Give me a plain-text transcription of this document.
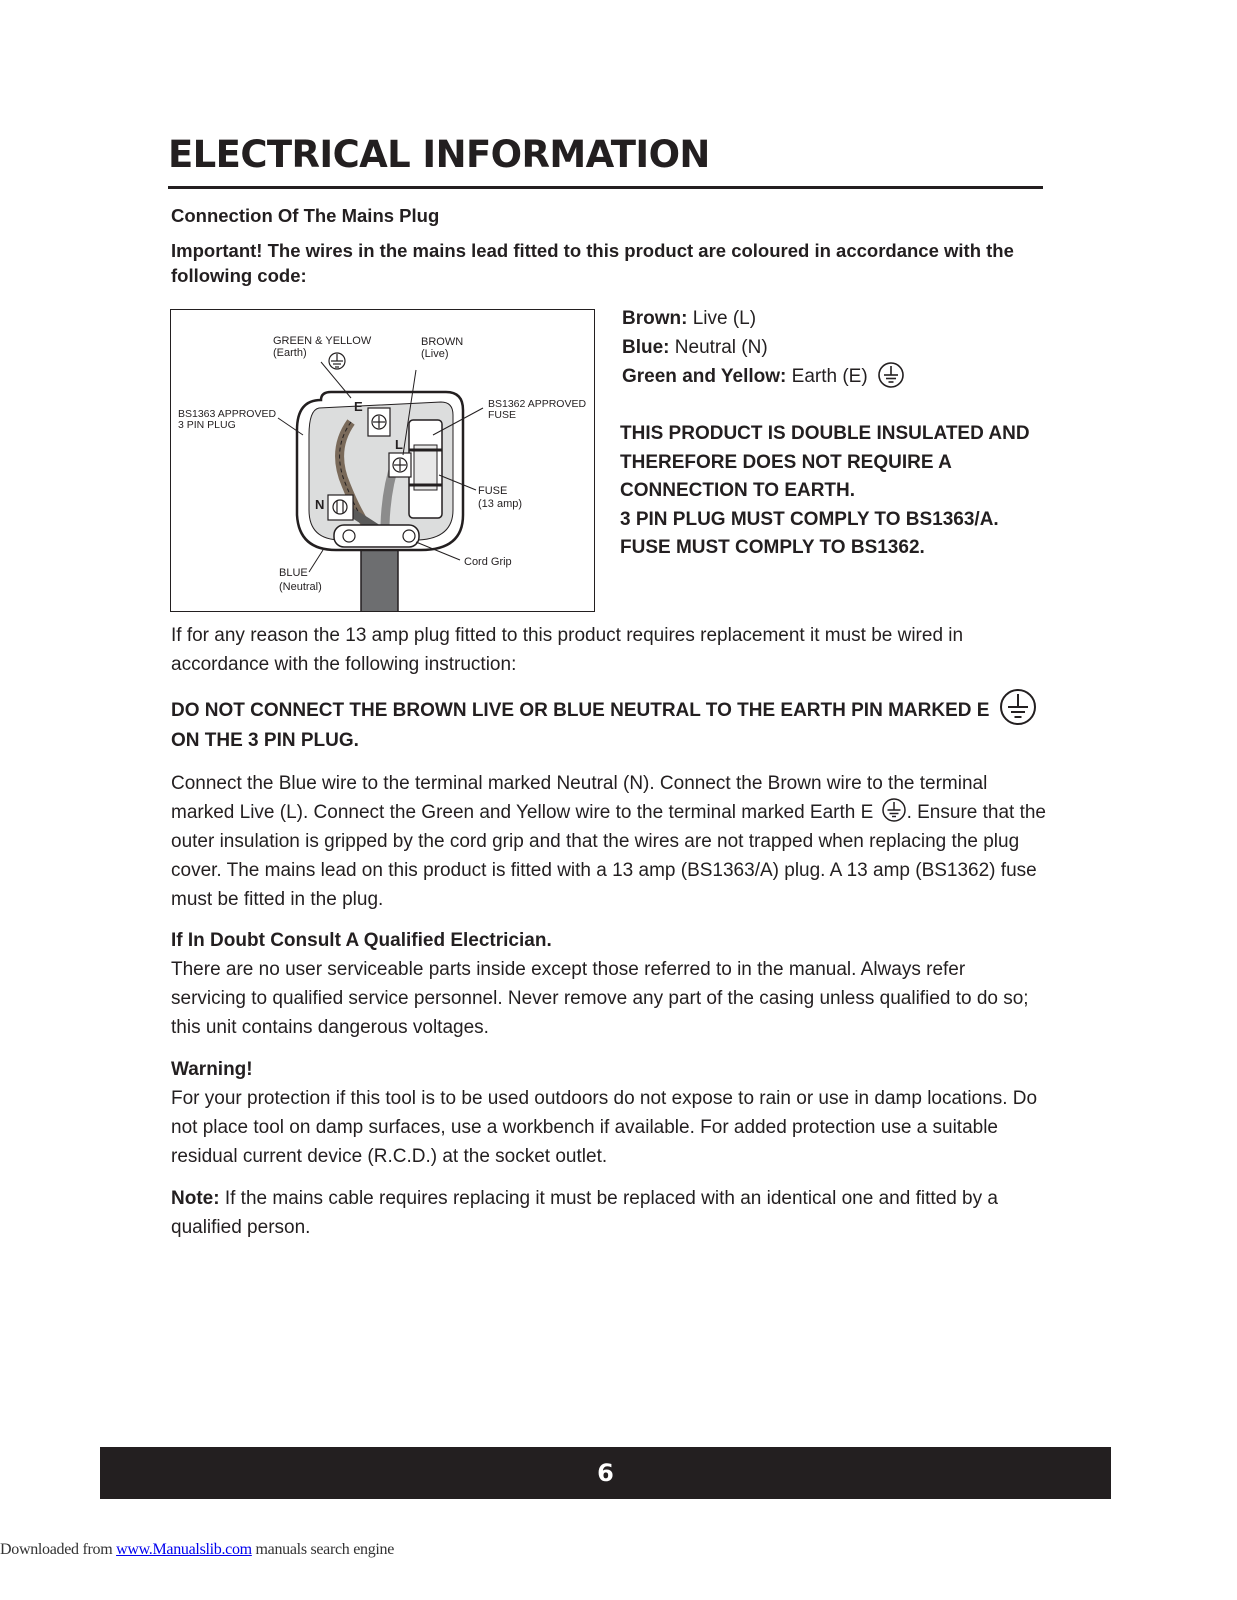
ELECTRICAL INFORMATION
Connection Of The Mains Plug
Important! The wires in the mains lead fitted to this product are coloured in accordance with the following code:
GREEN & YELLOW
(Earth)
BROWN
(Live)
BS1363 APPROVED
3 PIN PLUG
BS1362 APPROVED
FUSE
FUSE
(13 amp)
BLUE
(Neutral)
Cord Grip
E
L
N
Brown: Live (L)
Blue: Neutral (N)
Green and Yellow: Earth (E)
THIS PRODUCT IS DOUBLE INSULATED AND
THEREFORE DOES NOT REQUIRE A
CONNECTION TO EARTH.
3 PIN PLUG MUST COMPLY TO BS1363/A.
FUSE MUST COMPLY TO BS1362.
If for any reason the 13 amp plug fitted to this product requires replacement it must be wired in accordance with the following instruction:
DO NOT CONNECT THE BROWN LIVE OR BLUE NEUTRAL TO THE EARTH PIN MARKED E
ON THE 3 PIN PLUG.
Connect the Blue wire to the terminal marked Neutral (N). Connect the Brown wire to the terminal marked Live (L). Connect the Green and Yellow wire to the terminal marked Earth E . Ensure that the outer insulation is gripped by the cord grip and that the wires are not trapped when replacing the plug cover. The mains lead on this product is fitted with a 13 amp (BS1363/A) plug. A 13 amp (BS1362) fuse must be fitted in the plug.
If In Doubt Consult A Qualified Electrician.
There are no user serviceable parts inside except those referred to in the manual. Always refer servicing to qualified service personnel. Never remove any part of the casing unless qualified to do so; this unit contains dangerous voltages.
Warning!
For your protection if this tool is to be used outdoors do not expose to rain or use in damp locations. Do not place tool on damp surfaces, use a workbench if available. For added protection use a suitable residual current device (R.C.D.) at the socket outlet.
Note: If the mains cable requires replacing it must be replaced with an identical one and fitted by a qualified person.
6
Downloaded from www.Manualslib.com manuals search engine
